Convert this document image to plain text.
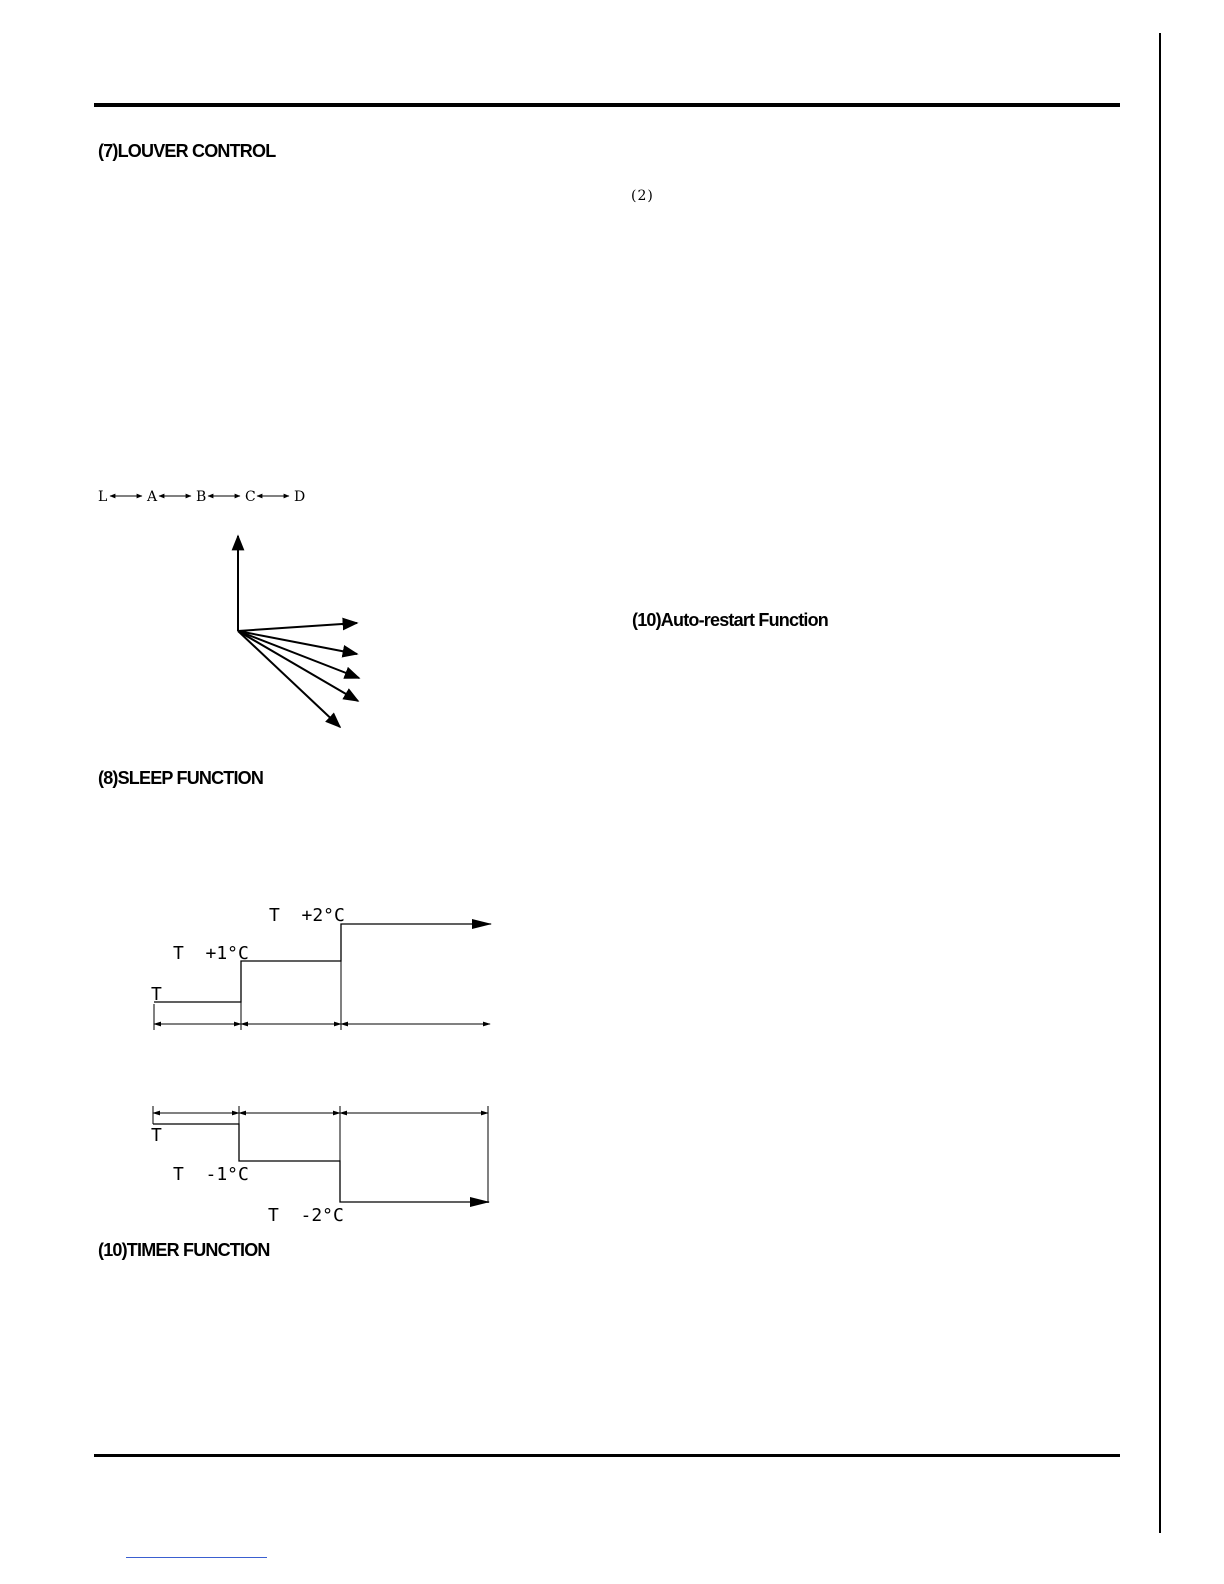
(7)LOUVER CONTROL
(8)SLEEP FUNCTION
(10)TIMER FUNCTION
(10)Auto-restart Function
(2)
L	A	B	C	D
T
T  +1°C
T  +2°C
T
T  -1°C
T  -2°C
